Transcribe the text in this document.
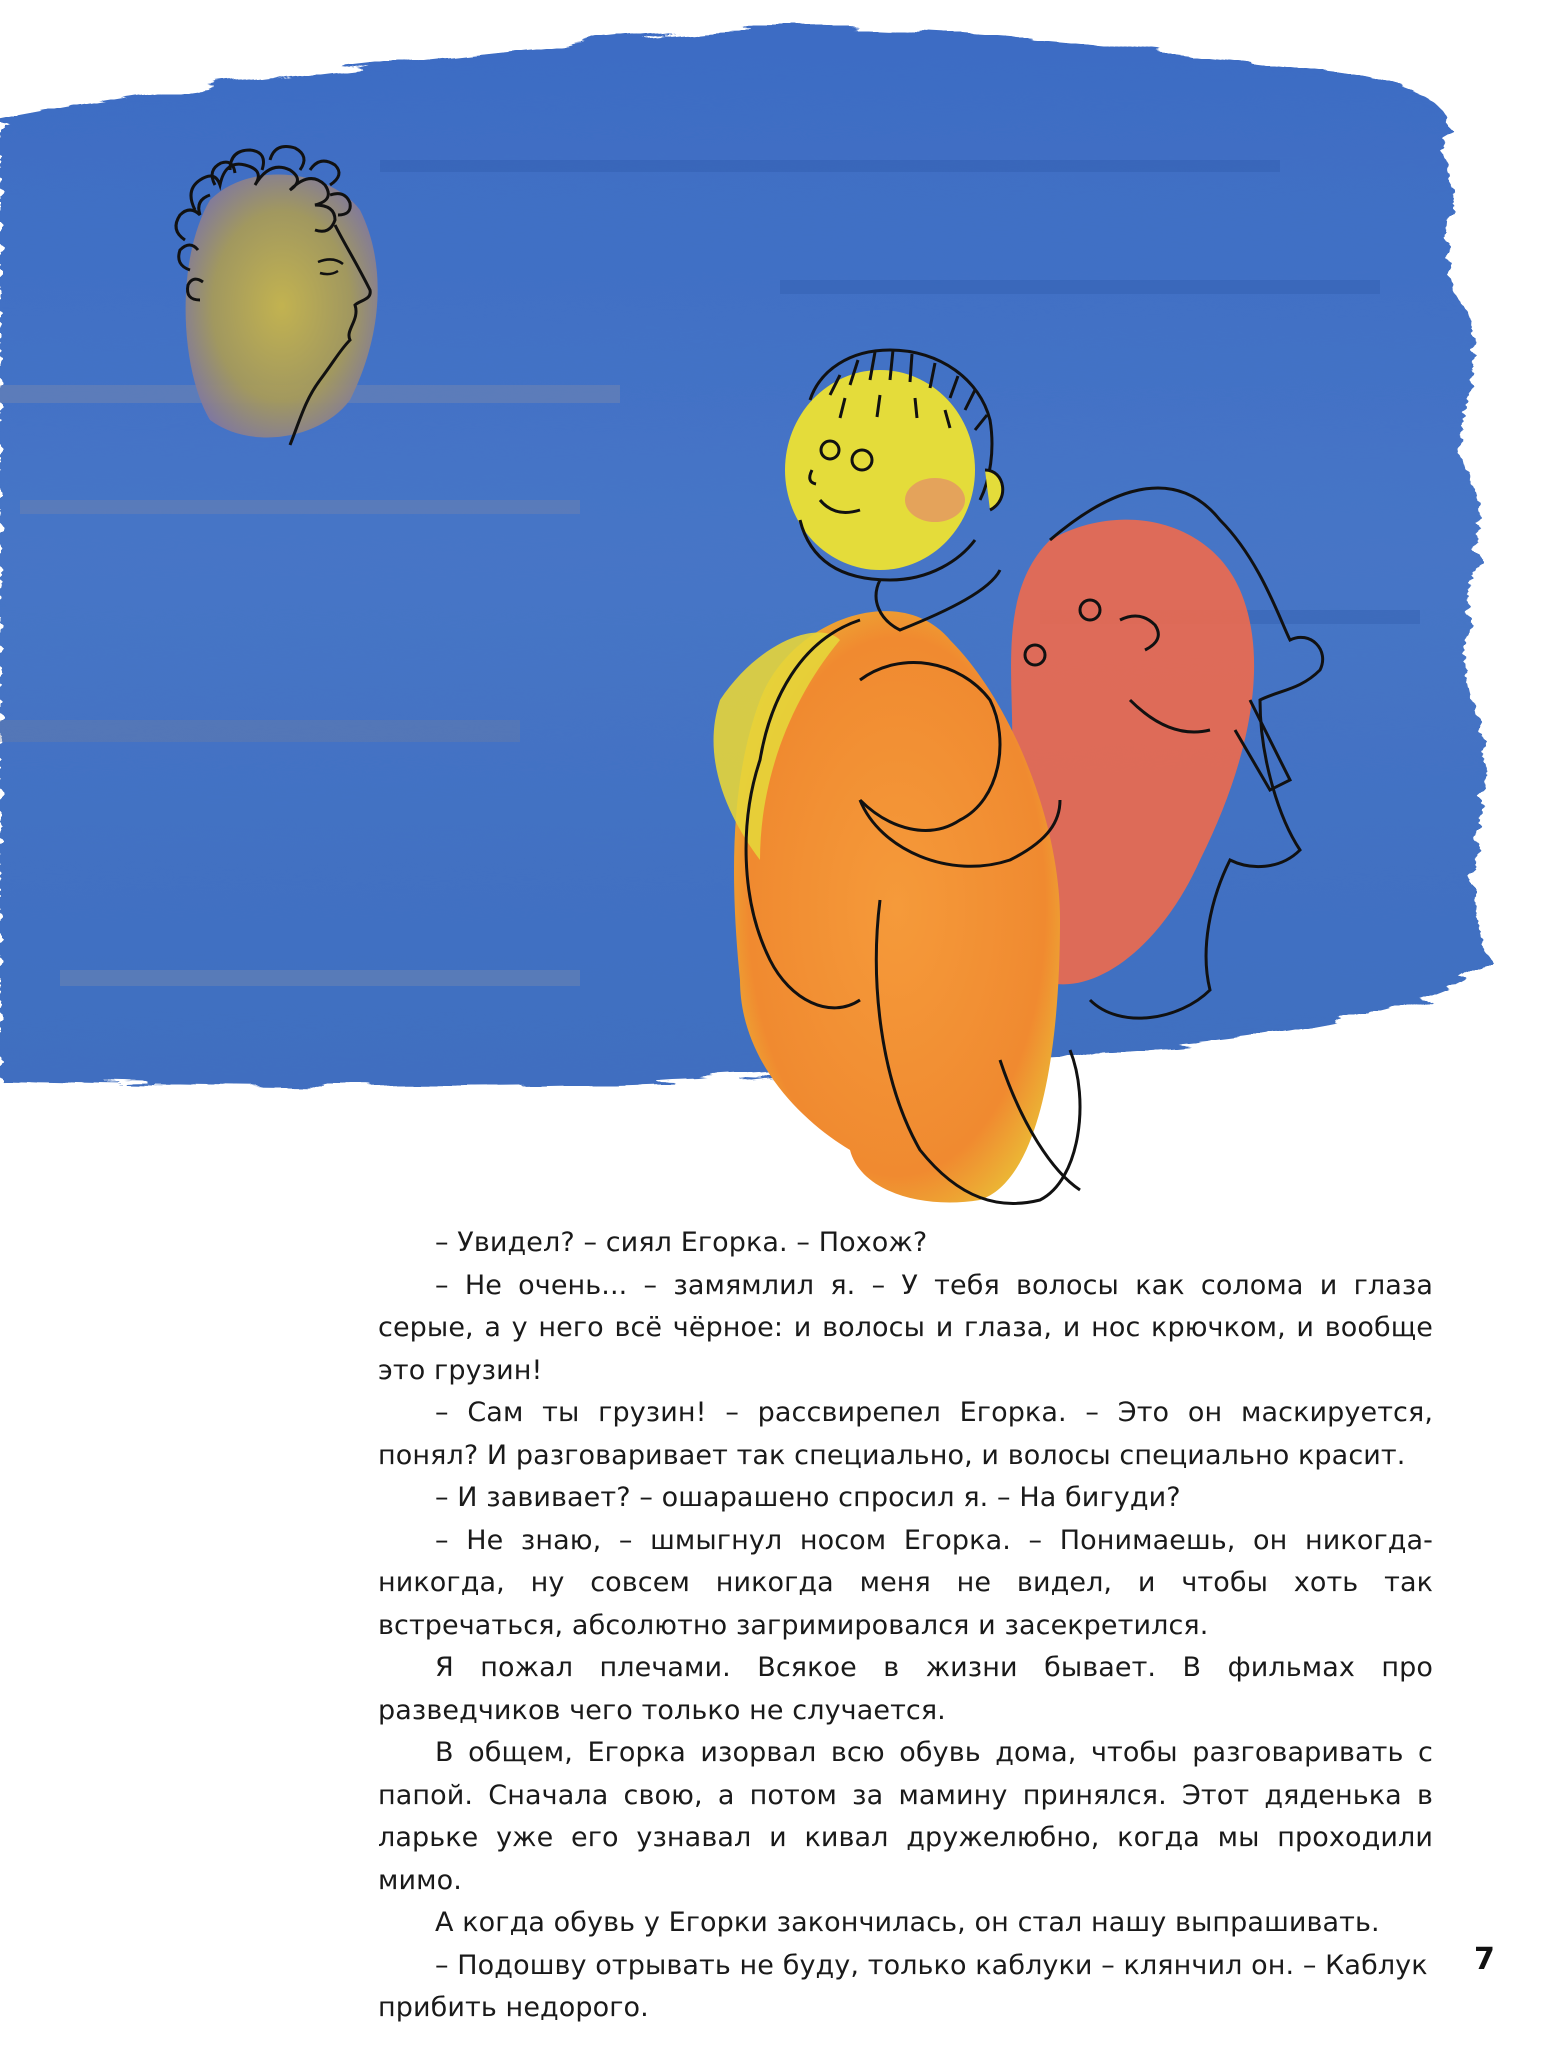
– Увидел? – сиял Егорка. – Похож?

– Не очень... – замямлил я. – У тебя волосы как солома и глаза серые, а у него всё чёрное: и волосы и глаза, и нос крючком, и вообще это грузин!

– Сам ты грузин! – рассвирепел Егорка. – Это он маскируется, понял? И разговаривает так специально, и волосы специально красит.

– И завивает? – ошарашено спросил я. – На бигуди?

– Не знаю, – шмыгнул носом Егорка. – Понимаешь, он никогда-никогда, ну совсем никогда меня не видел, и чтобы хоть так встречаться, абсолютно загримировался и засекретился.

Я пожал плечами. Всякое в жизни бывает. В фильмах про разведчиков чего только не случается.

В общем, Егорка изорвал всю обувь дома, чтобы разговаривать с папой. Сначала свою, а потом за мамину принялся. Этот дяденька в ларьке уже его узнавал и кивал дружелюбно, когда мы проходили мимо.

А когда обувь у Егорки закончилась, он стал нашу выпрашивать.

– Подошву отрывать не буду, только каблуки – клянчил он. – Каблук прибить недорого.

7
